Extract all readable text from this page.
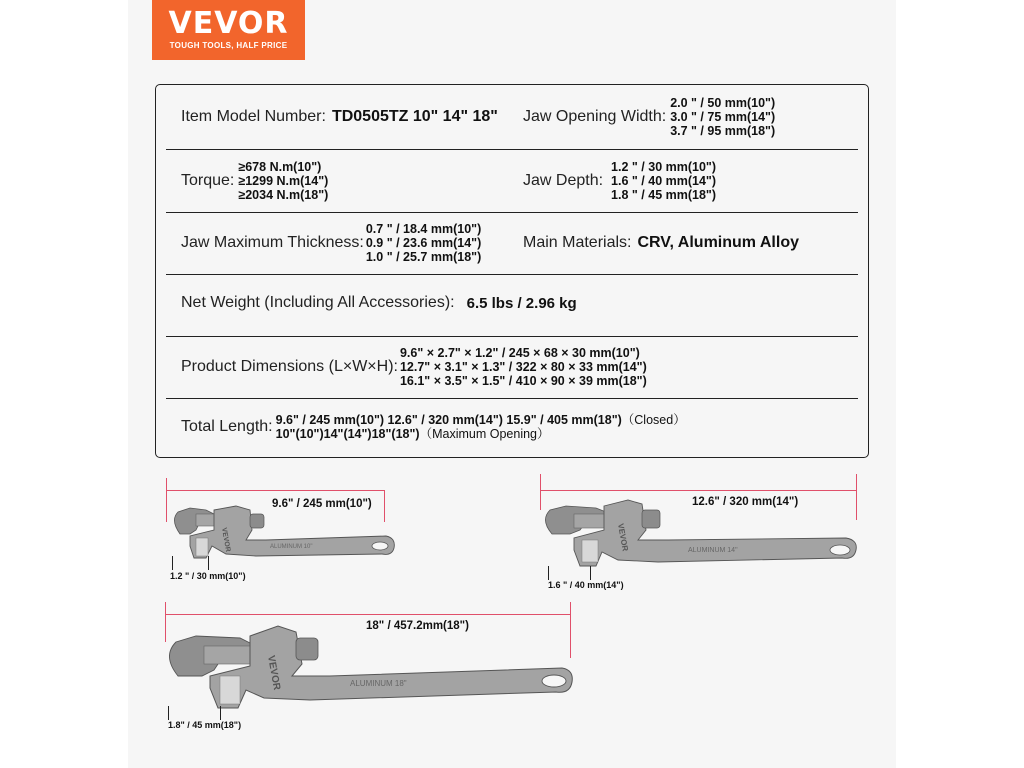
VEVOR
TOUGH TOOLS, HALF PRICE
Item Model Number: TD0505TZ 10" 14" 18" Jaw Opening Width:
2.0 " / 50 mm(10")
3.0 " / 75 mm(14")
3.7 " / 95 mm(18")
Torque:
≥678 N.m(10")
≥1299 N.m(14")
≥2034 N.m(18")
Jaw Depth:
1.2 " / 30 mm(10")
1.6 " / 40 mm(14")
1.8 " / 45 mm(18")
Jaw Maximum Thickness:
0.7 " / 18.4 mm(10")
0.9 " / 23.6 mm(14")
1.0 " / 25.7 mm(18")
Main Materials: CRV, Aluminum Alloy
Net Weight (Including All Accessories): 6.5 lbs / 2.96 kg
Product Dimensions (L×W×H):
9.6" × 2.7" × 1.2" / 245 × 68 × 30 mm(10")
12.7" × 3.1" × 1.3" / 322 × 80 × 33 mm(14")
16.1" × 3.5" × 1.5" / 410 × 90 × 39 mm(18")
Total Length: 9.6" / 245 mm(10") 12.6" / 320 mm(14") 15.9" / 405 mm(18")（Closed）
10"(10")14"(14")18"(18")（Maximum Opening）
9.6" / 245 mm(10")
VEVOR	ALUMINUM 10"
1.2 " / 30 mm(10")
12.6" / 320 mm(14")
VEVOR	ALUMINUM 14"
1.6 " / 40 mm(14")
18" / 457.2mm(18")
VEVOR	ALUMINUM 18"
1.8" / 45 mm(18")
